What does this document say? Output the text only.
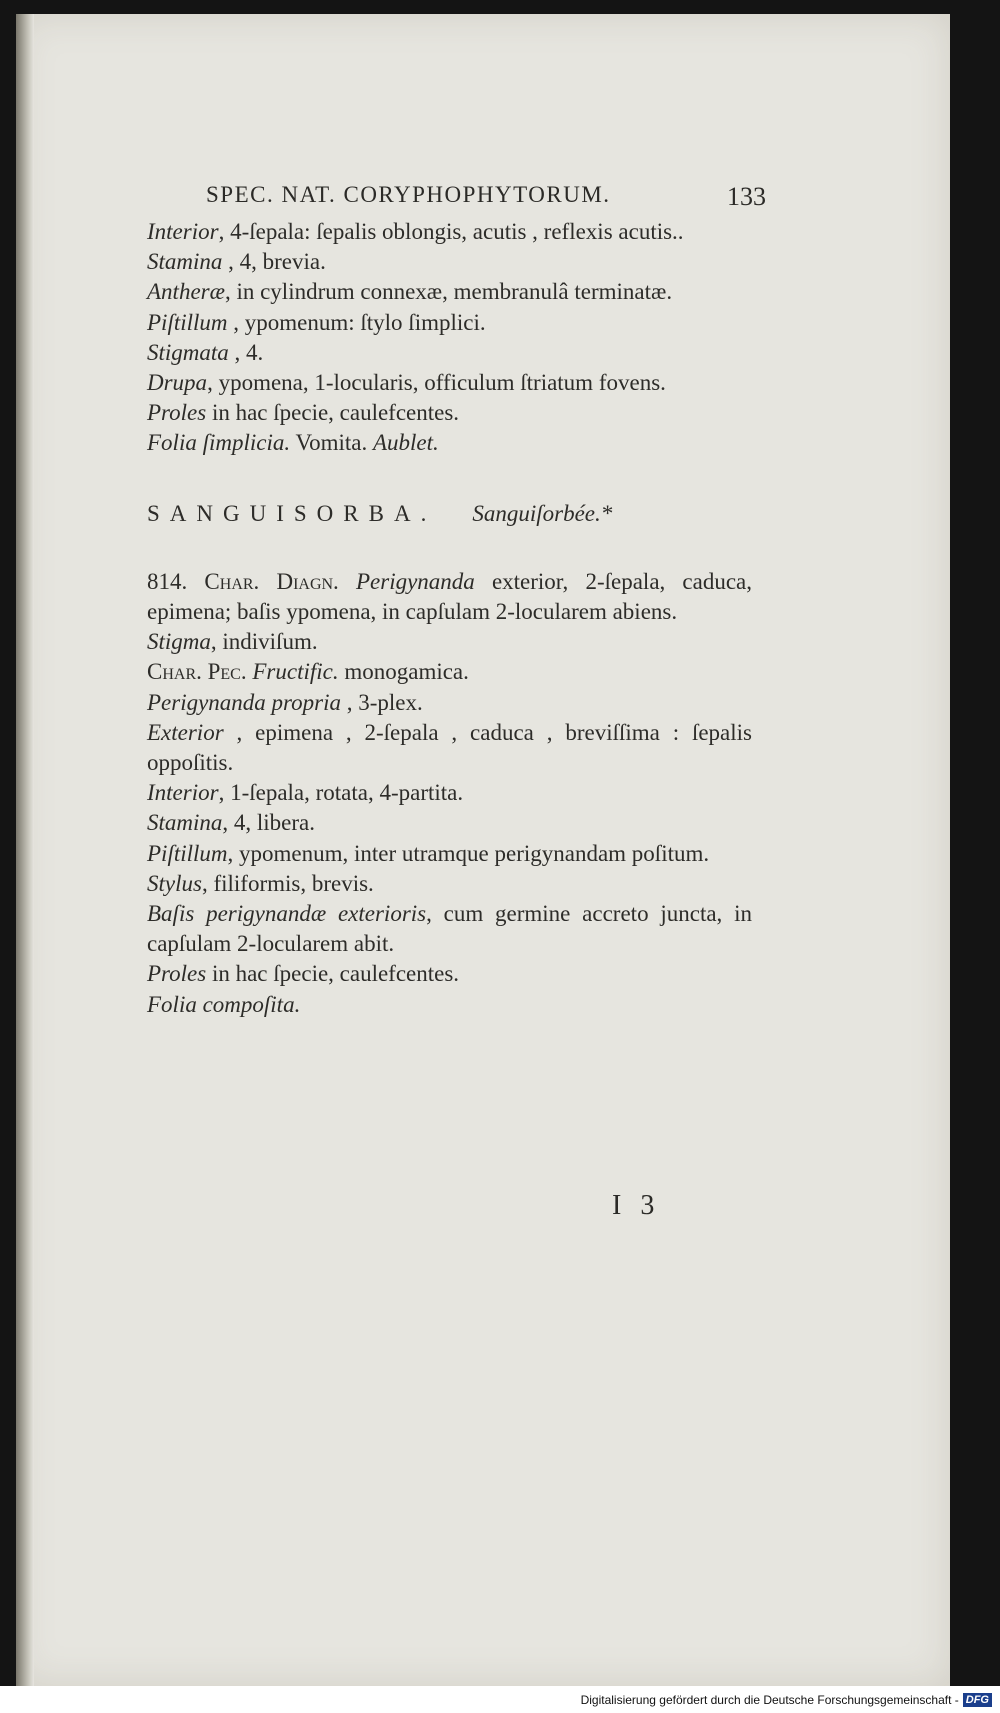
SPEC. NAT. CORYPHOPHYTORUM.	133

Interior, 4-ſepala: ſepalis oblongis, acutis , reflexis acutis..

Stamina , 4, brevia.

Antheræ, in cylindrum connexæ, membranulâ terminatæ.

Piſtillum , ypomenum: ſtylo ſimplici.

Stigmata , 4.

Drupa, ypomena, 1-locularis, officulum ſtriatum fovens.

Proles in hac ſpecie, caulefcentes.

Folia ſimplicia. Vomita. Aublet.

SANGUISORBA. Sanguiſorbée.*

814. Char. Diagn. Perigynanda exterior, 2-ſepala, caduca, epimena; baſis ypomena, in capſulam 2-locularem abiens.

Stigma, indiviſum.

Char. Pec. Fructific. monogamica.

Perigynanda propria , 3-plex.

Exterior , epimena , 2-ſepala , caduca , breviſſima : ſepalis oppoſitis.

Interior, 1-ſepala, rotata, 4-partita.

Stamina, 4, libera.

Piſtillum, ypomenum, inter utramque perigynandam poſitum.

Stylus, filiformis, brevis.

Baſis perigynandæ exterioris, cum germine accreto juncta, in capſulam 2-locularem abit.

Proles in hac ſpecie, caulefcentes.

Folia compoſita.

I 3
Digitalisierung gefördert durch die Deutsche Forschungsgemeinschaft - DFG
